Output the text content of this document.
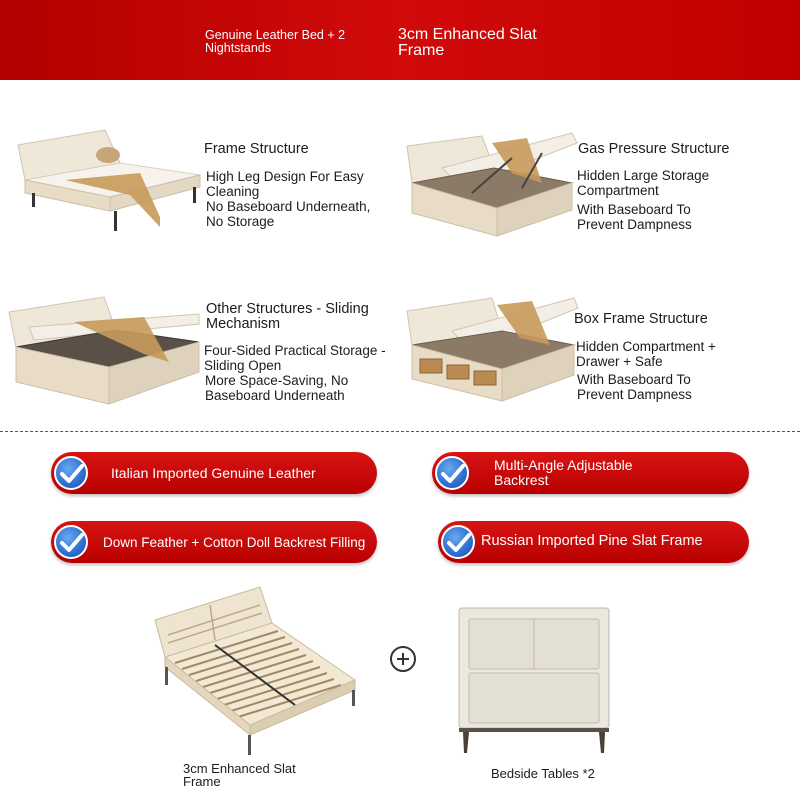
Genuine Leather Bed + 2 Nightstands
3cm Enhanced Slat Frame
Frame Structure
High Leg Design For Easy Cleaning
No Baseboard Underneath, No Storage
Gas Pressure Structure
Hidden Large Storage Compartment
With Baseboard To Prevent Dampness
Other Structures - Sliding Mechanism
Four-Sided Practical Storage - Sliding Open
More Space-Saving, No Baseboard Underneath
Box Frame Structure
Hidden Compartment + Drawer + Safe
With Baseboard To Prevent Dampness
Italian Imported Genuine Leather	Multi-Angle Adjustable Backrest
Down Feather + Cotton Doll Backrest Filling	Russian Imported Pine Slat Frame
3cm Enhanced Slat Frame
Bedside Tables *2
